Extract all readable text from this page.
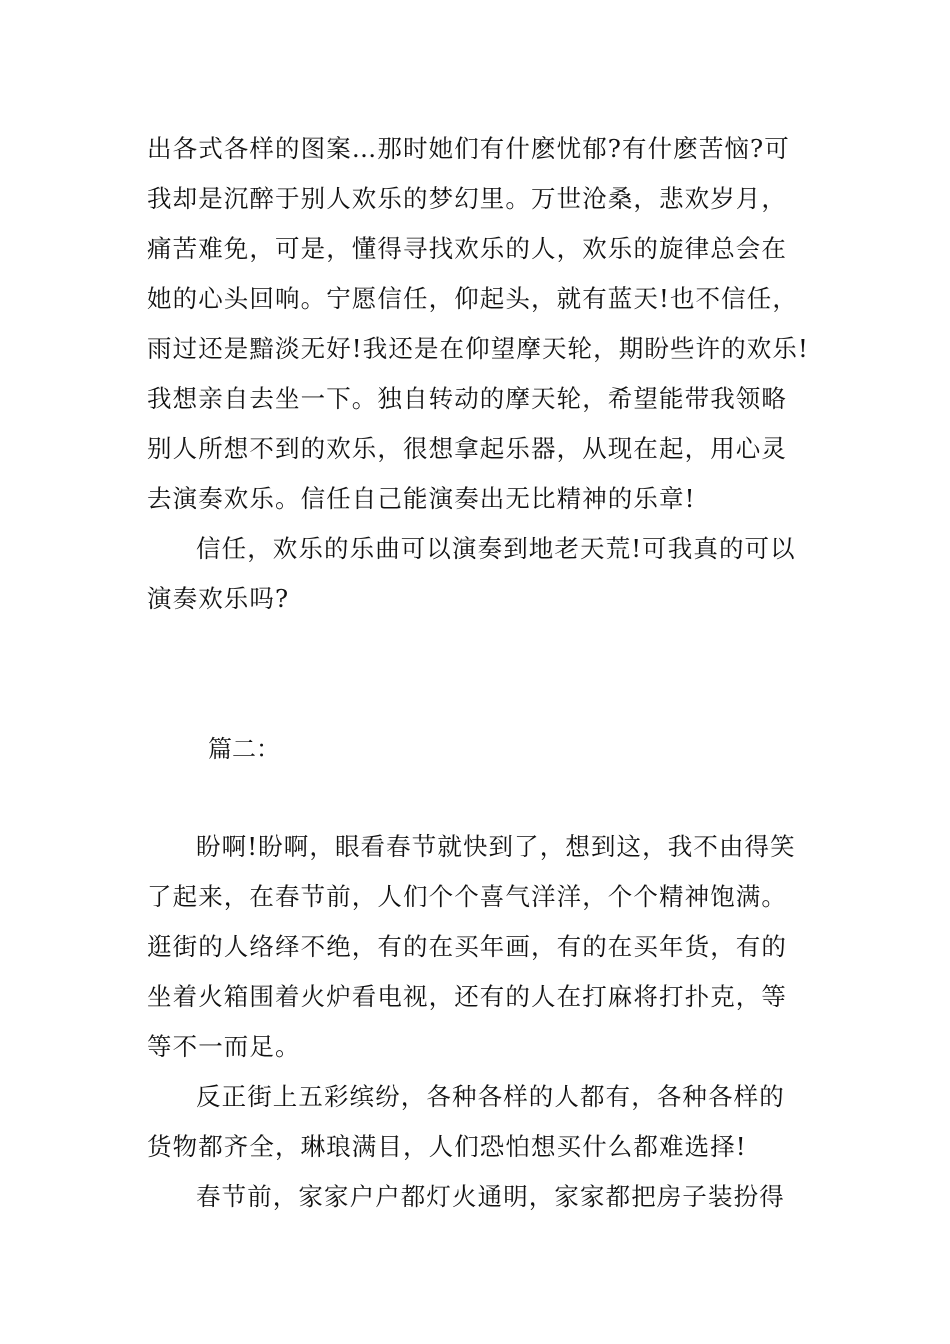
出各式各样的图案…那时她们有什麽忧郁?有什麽苦恼?可
我却是沉醉于别人欢乐的梦幻里。万世沧桑，悲欢岁月，
痛苦难免，可是，懂得寻找欢乐的人，欢乐的旋律总会在
她的心头回响。宁愿信任，仰起头，就有蓝天!也不信任，
雨过还是黯淡无好!我还是在仰望摩天轮，期盼些许的欢乐!
我想亲自去坐一下。独自转动的摩天轮，希望能带我领略
别人所想不到的欢乐，很想拿起乐器，从现在起，用心灵
去演奏欢乐。信任自己能演奏出无比精神的乐章!
信任，欢乐的乐曲可以演奏到地老天荒!可我真的可以
演奏欢乐吗?
篇二：
盼啊!盼啊，眼看春节就快到了，想到这，我不由得笑
了起来，在春节前，人们个个喜气洋洋，个个精神饱满。
逛街的人络绎不绝，有的在买年画，有的在买年货，有的
坐着火箱围着火炉看电视，还有的人在打麻将打扑克，等
等不一而足。
反正街上五彩缤纷，各种各样的人都有，各种各样的
货物都齐全，琳琅满目，人们恐怕想买什么都难选择!
春节前，家家户户都灯火通明，家家都把房子装扮得
